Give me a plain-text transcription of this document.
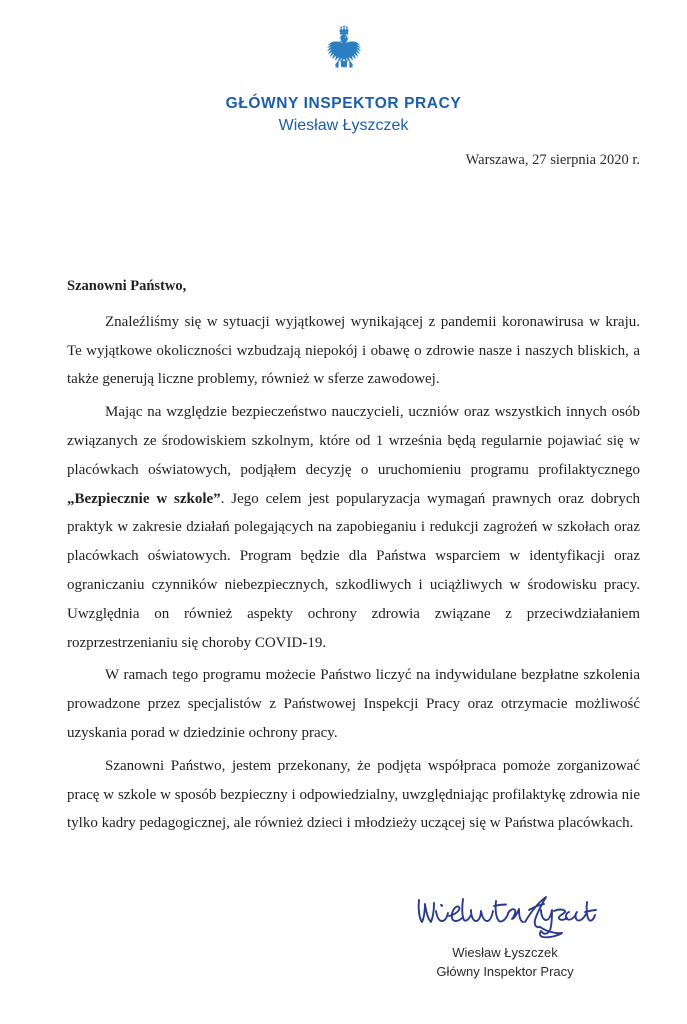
GŁÓWNY INSPEKTOR PRACY
Wiesław Łyszczek
Warszawa, 27 sierpnia 2020 r.

Szanowni Państwo,

Znaleźliśmy się w sytuacji wyjątkowej wynikającej z pandemii koronawirusa w kraju. Te wyjątkowe okoliczności wzbudzają niepokój i obawę o zdrowie nasze i naszych bliskich, a także generują liczne problemy, również w sferze zawodowej.

Mając na względzie bezpieczeństwo nauczycieli, uczniów oraz wszystkich innych osób związanych ze środowiskiem szkolnym, które od 1 września będą regularnie pojawiać się w placówkach oświatowych, podjąłem decyzję o uruchomieniu programu profilaktycznego „Bezpiecznie w szkole”. Jego celem jest popularyzacja wymagań prawnych oraz dobrych praktyk w zakresie działań polegających na zapobieganiu i redukcji zagrożeń w szkołach oraz placówkach oświatowych. Program będzie dla Państwa wsparciem w identyfikacji oraz ograniczaniu czynników niebezpiecznych, szkodliwych i uciążliwych w środowisku pracy. Uwzględnia on również aspekty ochrony zdrowia związane z przeciwdziałaniem rozprzestrzenianiu się choroby COVID-19.

W ramach tego programu możecie Państwo liczyć na indywidulane bezpłatne szkolenia prowadzone przez specjalistów z Państwowej Inspekcji Pracy oraz otrzymacie możliwość uzyskania porad w dziedzinie ochrony pracy.

Szanowni Państwo, jestem przekonany, że podjęta współpraca pomoże zorganizować pracę w szkole w sposób bezpieczny i odpowiedzialny, uwzględniając profilaktykę zdrowia nie tylko kadry pedagogicznej, ale również dzieci i młodzieży uczącej się w Państwa placówkach.

Wiesław Łyszczek
Główny Inspektor Pracy
